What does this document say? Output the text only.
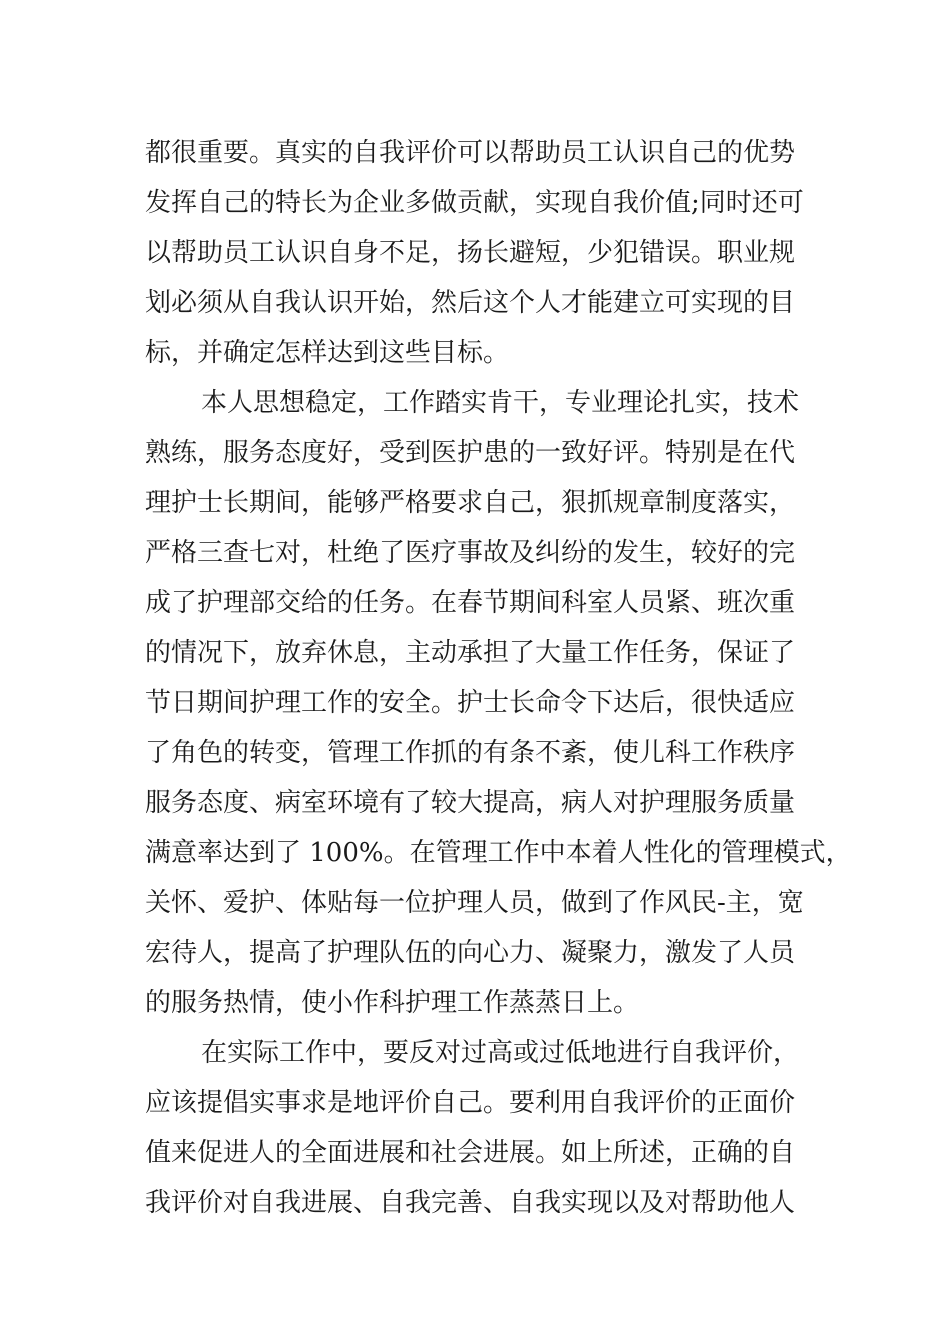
都很重要。真实的自我评价可以帮助员工认识自己的优势
发挥自己的特长为企业多做贡献，实现自我价值;同时还可
以帮助员工认识自身不足，扬长避短，少犯错误。职业规
划必须从自我认识开始，然后这个人才能建立可实现的目
标，并确定怎样达到这些目标。
本人思想稳定，工作踏实肯干，专业理论扎实，技术
熟练，服务态度好，受到医护患的一致好评。特别是在代
理护士长期间，能够严格要求自己，狠抓规章制度落实，
严格三查七对，杜绝了医疗事故及纠纷的发生，较好的完
成了护理部交给的任务。在春节期间科室人员紧、班次重
的情况下，放弃休息，主动承担了大量工作任务，保证了
节日期间护理工作的安全。护士长命令下达后，很快适应
了角色的转变，管理工作抓的有条不紊，使儿科工作秩序
服务态度、病室环境有了较大提高，病人对护理服务质量
满意率达到了 100%。在管理工作中本着人性化的管理模式，
关怀、爱护、体贴每一位护理人员，做到了作风民-主，宽
宏待人，提高了护理队伍的向心力、凝聚力，激发了人员
的服务热情，使小作科护理工作蒸蒸日上。
在实际工作中，要反对过高或过低地进行自我评价，
应该提倡实事求是地评价自己。要利用自我评价的正面价
值来促进人的全面进展和社会进展。如上所述，正确的自
我评价对自我进展、自我完善、自我实现以及对帮助他人
